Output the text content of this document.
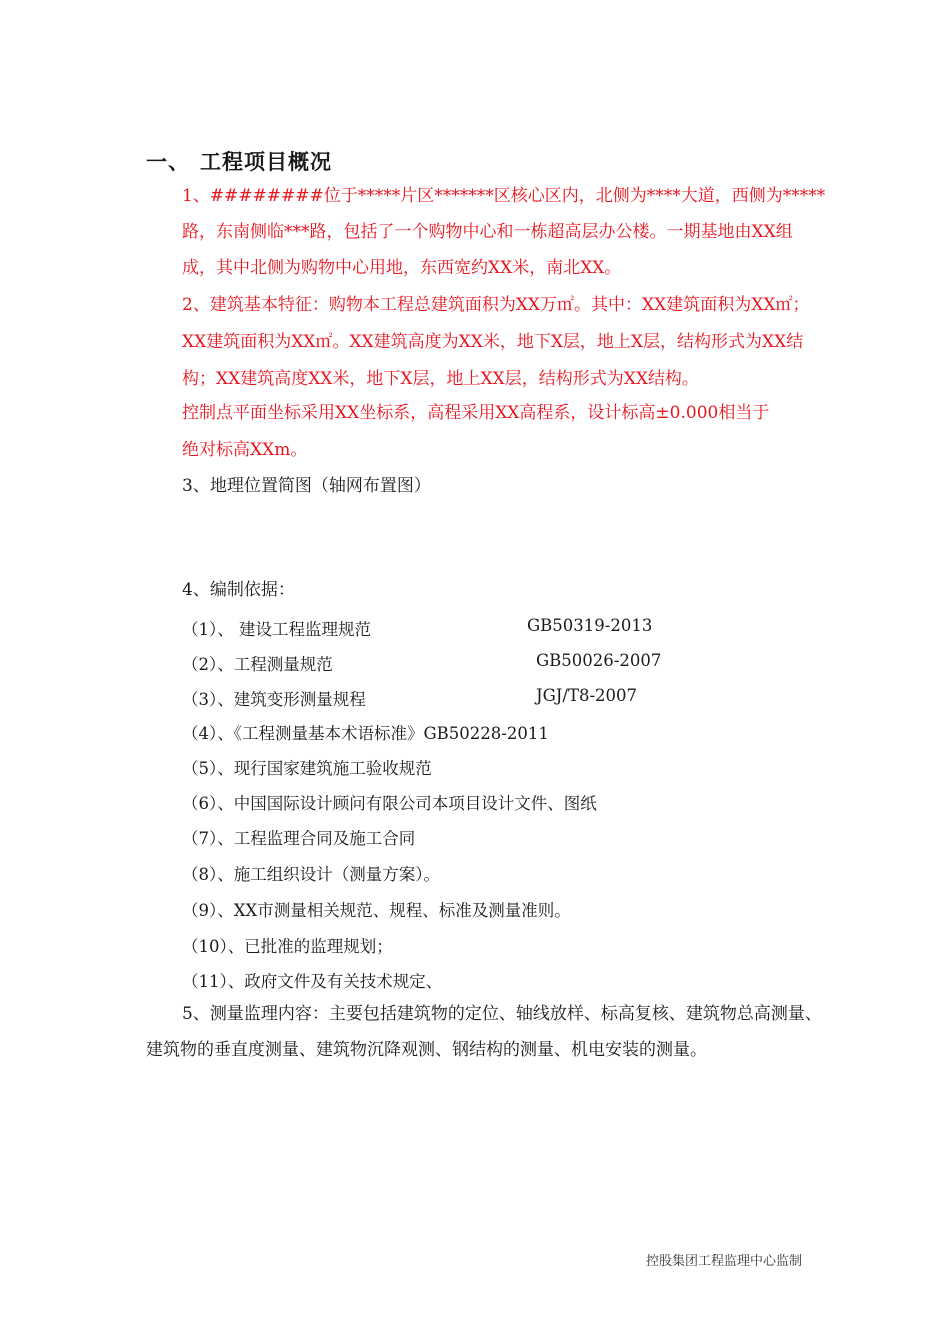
一、 工程项目概况
1、########位于*****片区*******区核心区内，北侧为****大道，西侧为*****
路，东南侧临***路，包括了一个购物中心和一栋超高层办公楼。一期基地由XX组
成，其中北侧为购物中心用地，东西宽约XX米，南北XX。
2、建筑基本特征：购物本工程总建筑面积为XX万㎡。其中：XX建筑面积为XX㎡；
XX建筑面积为XX㎡。XX建筑高度为XX米，地下X层，地上X层，结构形式为XX结
构；XX建筑高度XX米，地下X层，地上XX层，结构形式为XX结构。
控制点平面坐标采用XX坐标系，高程采用XX高程系，设计标高±0.000相当于
绝对标高XXm。
3、地理位置简图（轴网布置图）
4、编制依据：
（1）、 建设工程监理规范	GB50319-2013
（2）、工程测量规范	GB50026-2007
（3）、建筑变形测量规程	JGJ/T8-2007
（4）、《工程测量基本术语标准》GB50228-2011
（5）、现行国家建筑施工验收规范
（6）、中国国际设计顾问有限公司本项目设计文件、图纸
（7）、工程监理合同及施工合同
（8）、施工组织设计（测量方案）。
（9）、XX市测量相关规范、规程、标准及测量准则。
（10）、已批准的监理规划；
（11）、政府文件及有关技术规定、
5、测量监理内容：主要包括建筑物的定位、轴线放样、标高复核、建筑物总高测量、
建筑物的垂直度测量、建筑物沉降观测、钢结构的测量、机电安装的测量。
控股集团工程监理中心监制
